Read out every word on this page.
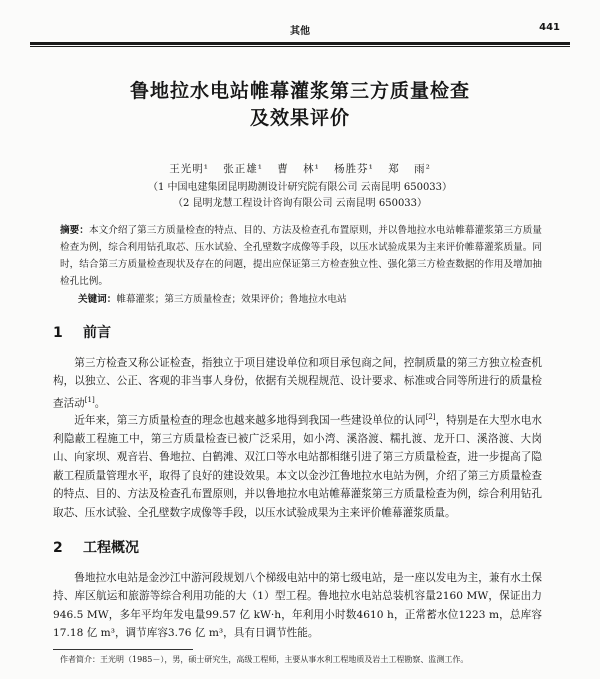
其他	441
鲁地拉水电站帷幕灌浆第三方质量检查
及效果评价
王光明¹ 张正雄¹ 曹 林¹ 杨胜芬¹ 郑 雨²
（1 中国电建集团昆明勘测设计研究院有限公司 云南昆明 650033）
（2 昆明龙慧工程设计咨询有限公司 云南昆明 650033）
摘要：本文介绍了第三方质量检查的特点、目的、方法及检查孔布置原则，并以鲁地拉水电站帷幕灌浆第三方质量检查为例，综合利用钻孔取芯、压水试验、全孔壁数字成像等手段，以压水试验成果为主来评价帷幕灌浆质量。同时，结合第三方质量检查现状及存在的问题，提出应保证第三方检查独立性、强化第三方检查数据的作用及增加抽检孔比例。
关键词：帷幕灌浆；第三方质量检查；效果评价；鲁地拉水电站
1 前言
第三方检查又称公证检查，指独立于项目建设单位和项目承包商之间，控制质量的第三方独立检查机构，以独立、公正、客观的非当事人身份，依据有关规程规范、设计要求、标准或合同等所进行的质量检查活动[1]。
近年来，第三方质量检查的理念也越来越多地得到我国一些建设单位的认同[2]，特别是在大型水电水利隐蔽工程施工中，第三方质量检查已被广泛采用，如小湾、溪洛渡、糯扎渡、龙开口、溪洛渡、大岗山、向家坝、观音岩、鲁地拉、白鹤滩、双江口等水电站都相继引进了第三方质量检查，进一步提高了隐蔽工程质量管理水平，取得了良好的建设效果。本文以金沙江鲁地拉水电站为例，介绍了第三方质量检查的特点、目的、方法及检查孔布置原则，并以鲁地拉水电站帷幕灌浆第三方质量检查为例，综合利用钻孔取芯、压水试验、全孔壁数字成像等手段，以压水试验成果为主来评价帷幕灌浆质量。
2 工程概况
鲁地拉水电站是金沙江中游河段规划八个梯级电站中的第七级电站，是一座以发电为主，兼有水土保持、库区航运和旅游等综合利用功能的大（1）型工程。鲁地拉水电站总装机容量2160 MW，保证出力946.5 MW，多年平均年发电量99.57 亿 kW·h，年利用小时数4610 h，正常蓄水位1223 m，总库容17.18 亿 m³，调节库容3.76 亿 m³，具有日调节性能。
作者简介：王光明（1985－），男，硕士研究生，高级工程师，主要从事水利工程地质及岩土工程勘察、监测工作。
